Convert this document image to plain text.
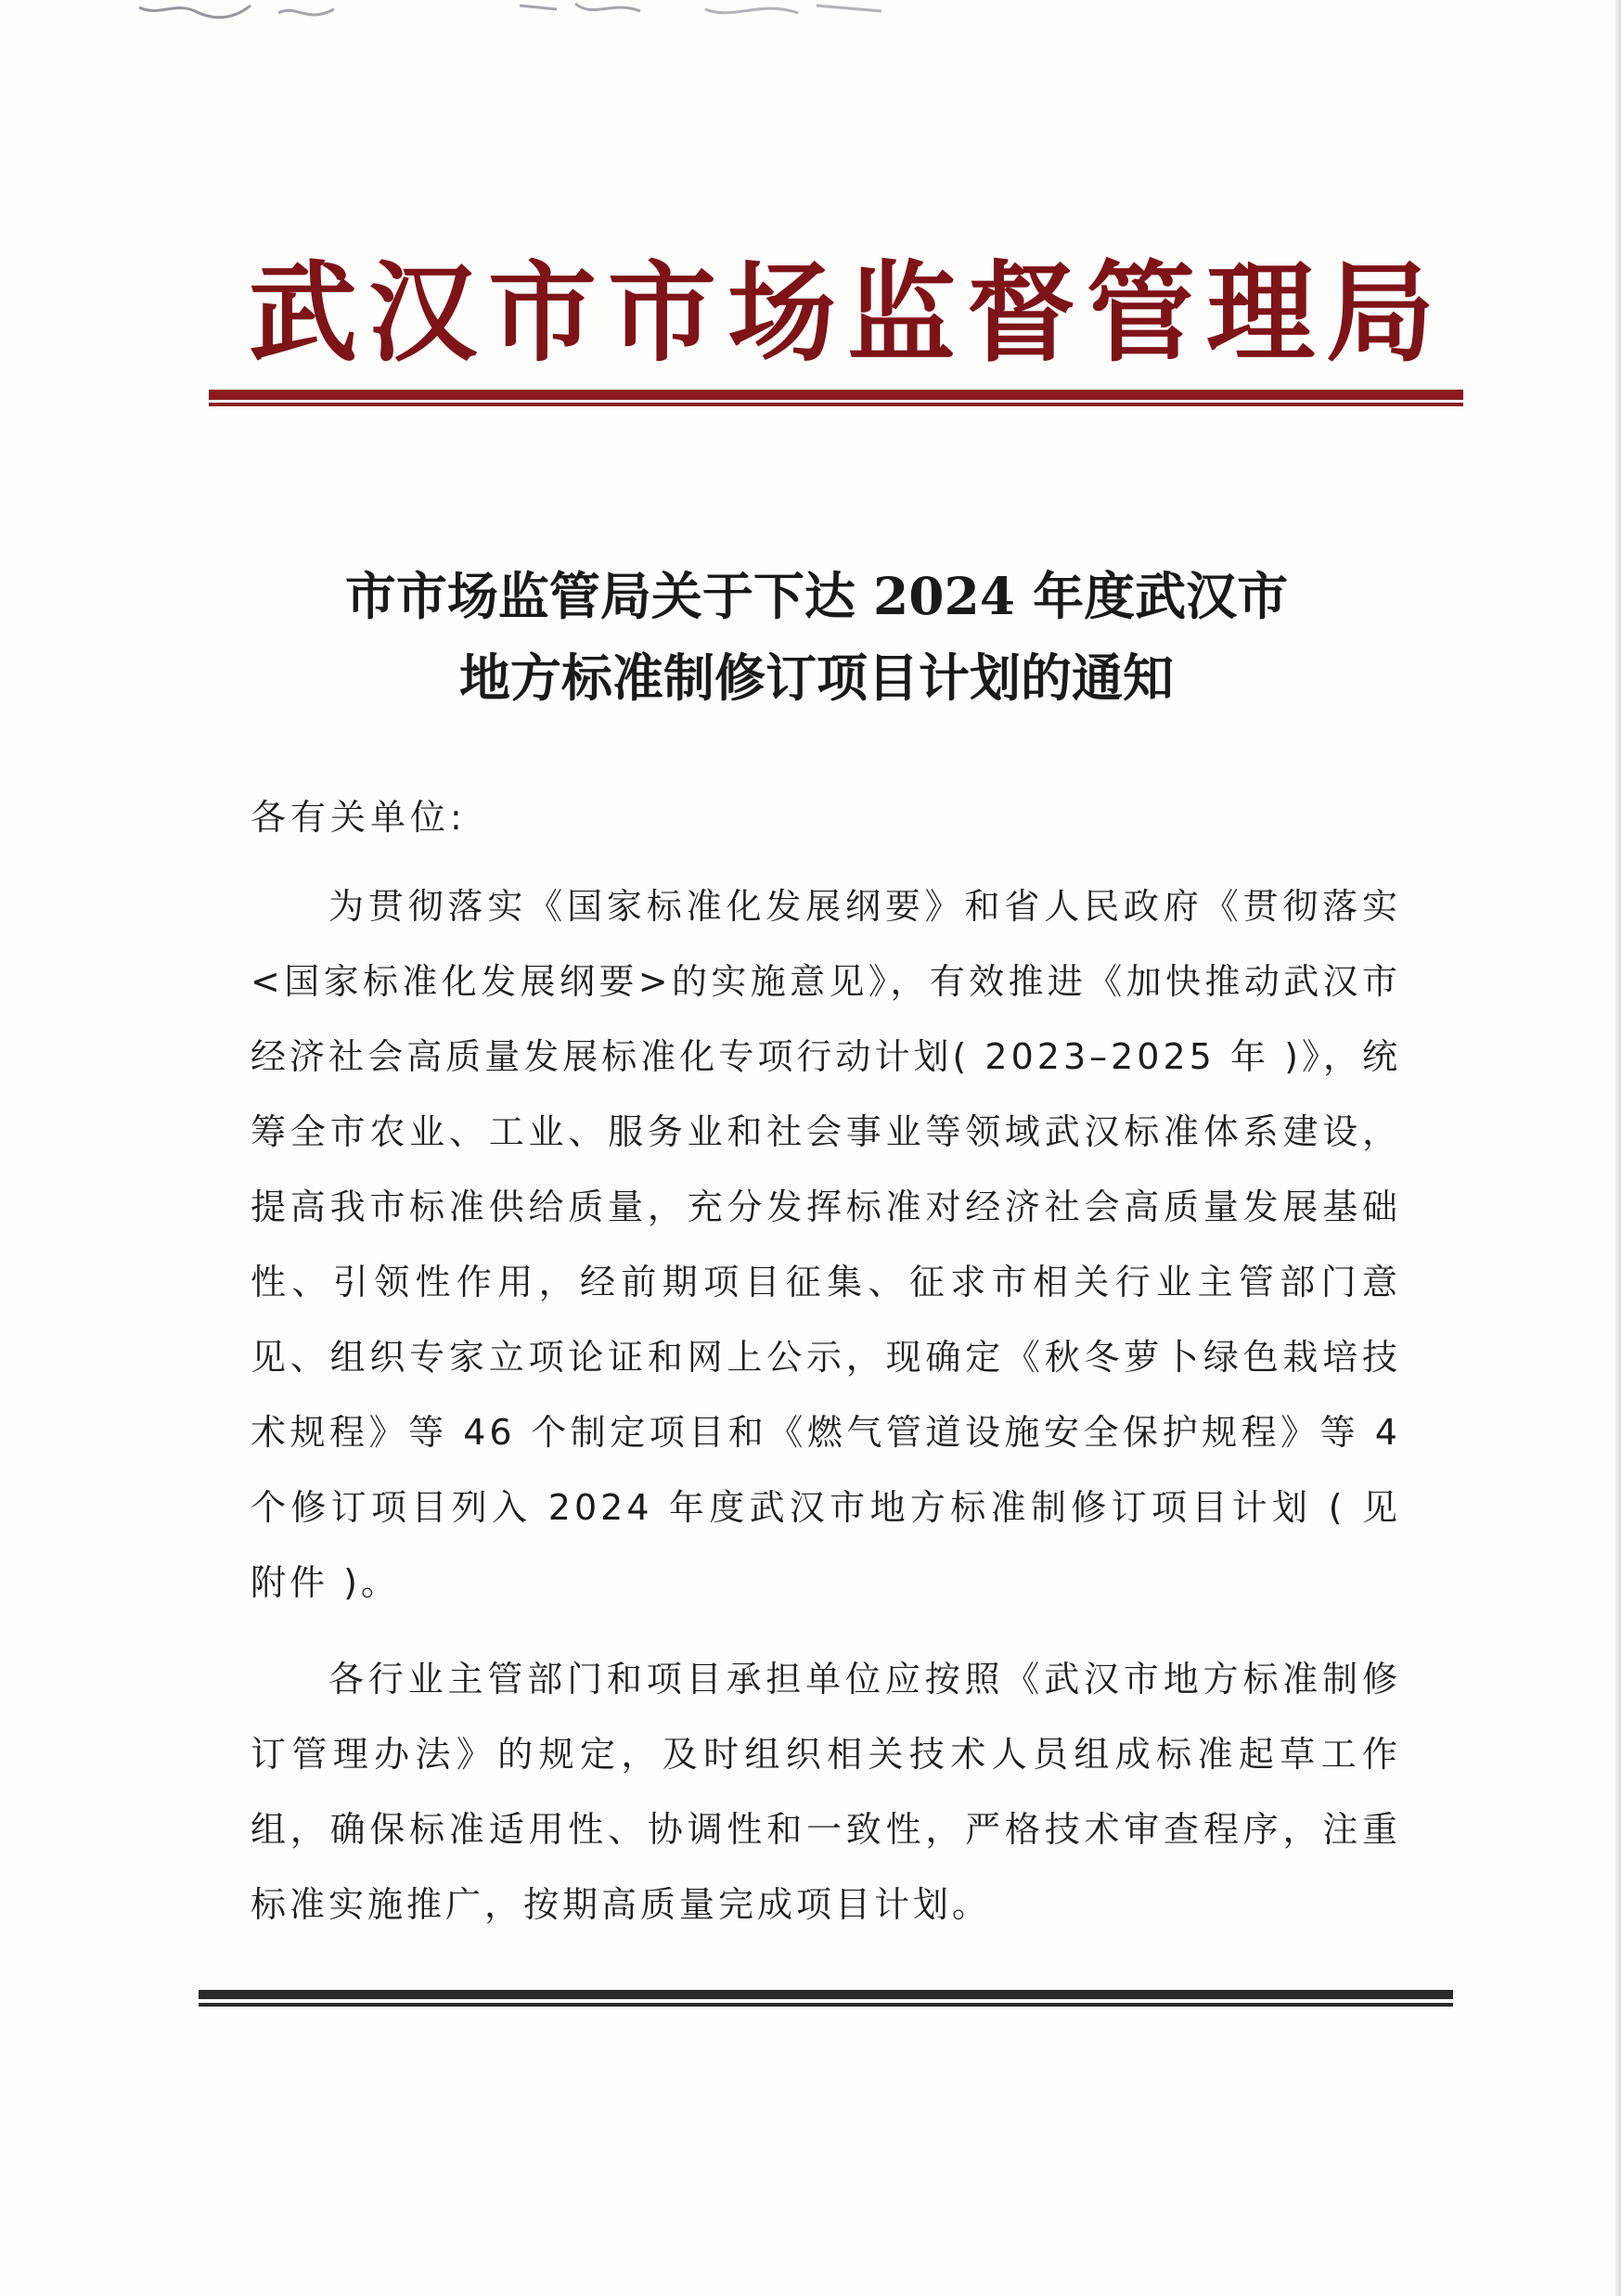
武汉市市场监督管理局
市市场监管局关于下达 2024 年度武汉市
地方标准制修订项目计划的通知
各有关单位:

为贯彻落实《国家标准化发展纲要》和省人民政府《贯彻落实<国家标准化发展纲要>的实施意见》，有效推进《加快推动武汉市经济社会高质量发展标准化专项行动计划( 2023–2025 年 )》，统筹全市农业、工业、服务业和社会事业等领域武汉标准体系建设，提高我市标准供给质量，充分发挥标准对经济社会高质量发展基础性、引领性作用，经前期项目征集、征求市相关行业主管部门意见、组织专家立项论证和网上公示，现确定《秋冬萝卜绿色栽培技术规程》等 46 个制定项目和《燃气管道设施安全保护规程》等 4 个修订项目列入 2024 年度武汉市地方标准制修订项目计划 ( 见附件 )。

各行业主管部门和项目承担单位应按照《武汉市地方标准制修订管理办法》的规定，及时组织相关技术人员组成标准起草工作组，确保标准适用性、协调性和一致性，严格技术审查程序，注重标准实施推广，按期高质量完成项目计划。
